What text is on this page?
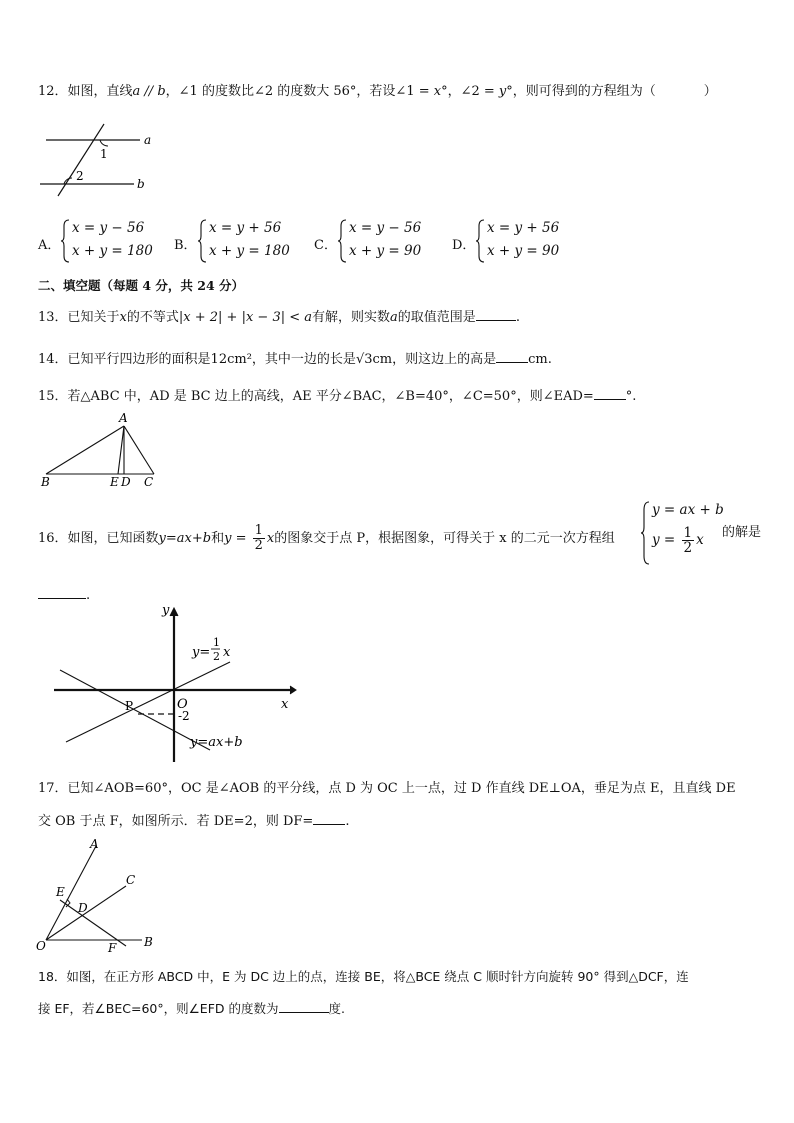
12．如图，直线a // b，∠1 的度数比∠2 的度数大 56°，若设∠1 = x°，∠2 = y°，则可得到的方程组为（	）
a
b
1
2
A．
x = y − 56
x + y = 180 B．
x = y + 56
x + y = 180 C．
x = y − 56
x + y = 90 D．
x = y + 56
x + y = 90
二、填空题（每题 4 分，共 24 分）
13．已知关于x的不等式|x + 2| + |x − 3| < a有解，则实数a的取值范围是	.
14．已知平行四边形的面积是12cm²，其中一边的长是√3cm，则这边上的高是 cm.
15．若△ABC 中，AD 是 BC 边上的高线，AE 平分∠BAC，∠B=40°，∠C=50°，则∠EAD= °.
A
B	E D C
16．如图，已知函数y=ax+b和$y = \frac{1}{2}$ x的图象交于点 P，根据图象，可得关于 x 的二元一次方程组
y = ax + b
$y = \frac{1}{2}$ x 的解是
.
y
x
O
P
-2
y=
1
2 x
y=ax+b
17．已知∠AOB=60°，OC 是∠AOB 的平分线，点 D 为 OC 上一点，过 D 作直线 DE⊥OA，垂足为点 E，且直线 DE
交 OB 于点 F，如图所示．若 DE=2，则 DF= .
A
C
E
D
O	F B
18．如图，在正方形 ABCD 中，E 为 DC 边上的点，连接 BE，将△BCE 绕点 C 顺时针方向旋转 90° 得到△DCF，连
接 EF，若∠BEC=60°，则∠EFD 的度数为	度.
